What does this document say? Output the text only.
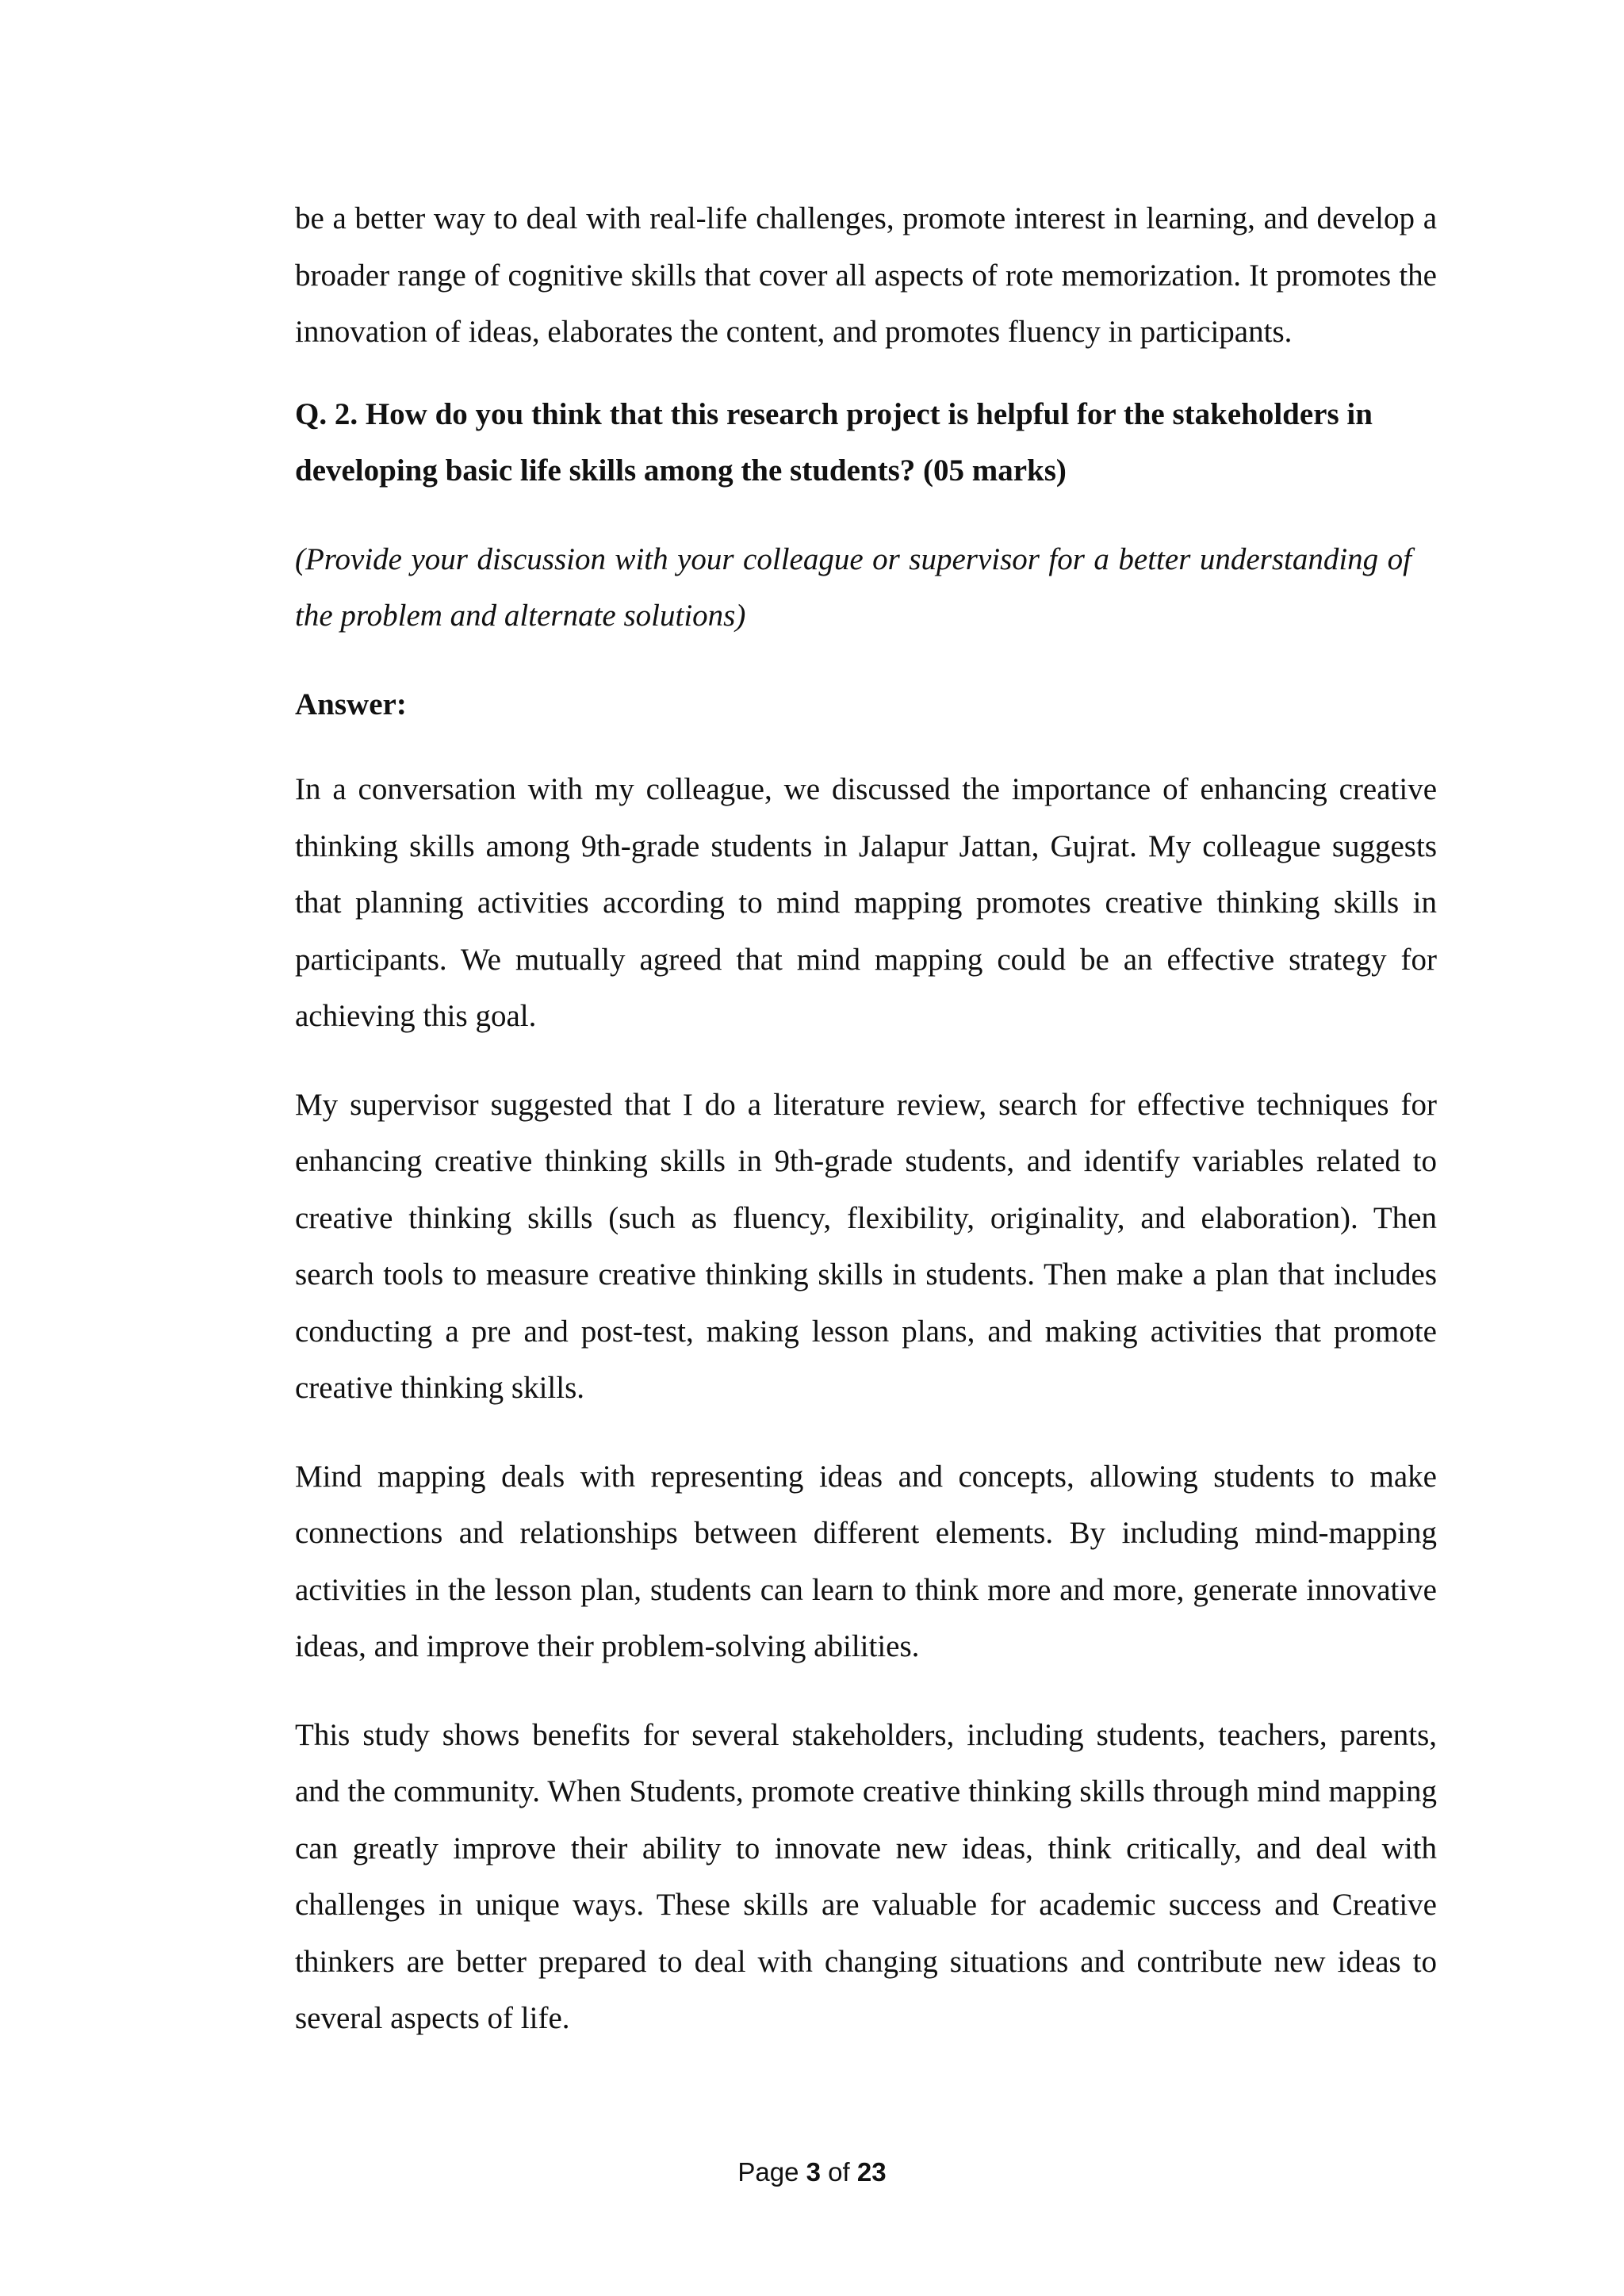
be a better way to deal with real-life challenges, promote interest in learning, and develop a broader range of cognitive skills that cover all aspects of rote memorization. It promotes the innovation of ideas, elaborates the content, and promotes fluency in participants.

Q. 2. How do you think that this research project is helpful for the stakeholders in developing basic life skills among the students? (05 marks)

(Provide your discussion with your colleague or supervisor for a better understanding of the problem and alternate solutions)

Answer:

In a conversation with my colleague, we discussed the importance of enhancing creative thinking skills among 9th-grade students in Jalapur Jattan, Gujrat. My colleague suggests that planning activities according to mind mapping promotes creative thinking skills in participants. We mutually agreed that mind mapping could be an effective strategy for achieving this goal.

My supervisor suggested that I do a literature review, search for effective techniques for enhancing creative thinking skills in 9th-grade students, and identify variables related to creative thinking skills (such as fluency, flexibility, originality, and elaboration). Then search tools to measure creative thinking skills in students. Then make a plan that includes conducting a pre and post-test, making lesson plans, and making activities that promote creative thinking skills.

Mind mapping deals with representing ideas and concepts, allowing students to make connections and relationships between different elements. By including mind-mapping activities in the lesson plan, students can learn to think more and more, generate innovative ideas, and improve their problem-solving abilities.

This study shows benefits for several stakeholders, including students, teachers, parents, and the community. When Students, promote creative thinking skills through mind mapping can greatly improve their ability to innovate new ideas, think critically, and deal with challenges in unique ways. These skills are valuable for academic success and Creative thinkers are better prepared to deal with changing situations and contribute new ideas to several aspects of life.

Page 3 of 23
